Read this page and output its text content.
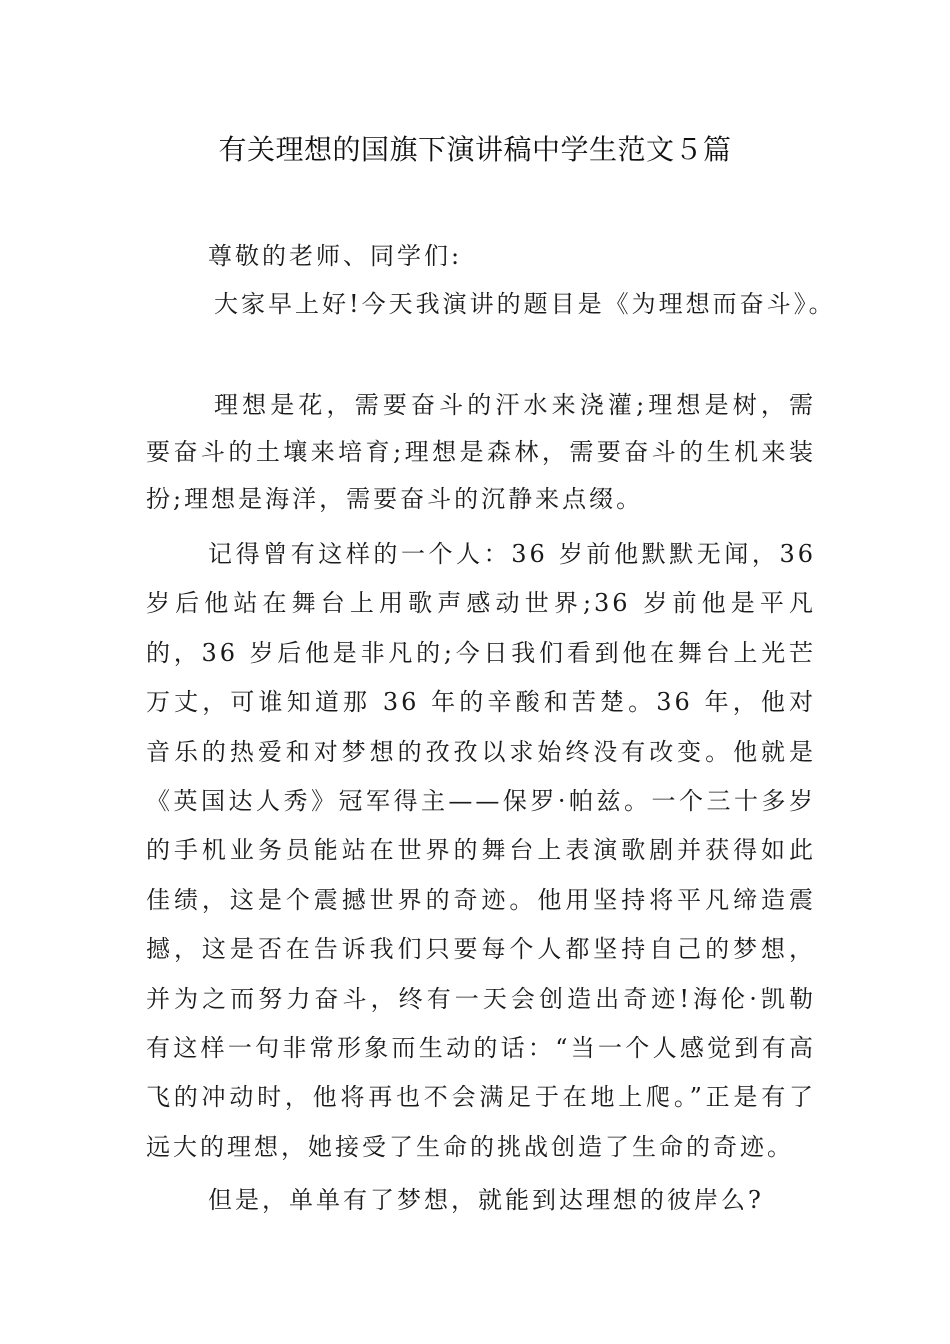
有关理想的国旗下演讲稿中学生范文５篇

尊敬的老师、同学们:

大家早上好!今天我演讲的题目是《为理想而奋斗》。

理想是花，需要奋斗的汗水来浇灌;理想是树，需要奋斗的土壤来培育;理想是森林，需要奋斗的生机来装扮;理想是海洋，需要奋斗的沉静来点缀。

记得曾有这样的一个人：36 岁前他默默无闻，36 岁后他站在舞台上用歌声感动世界;36 岁前他是平凡的，36 岁后他是非凡的;今日我们看到他在舞台上光芒万丈，可谁知道那 36 年的辛酸和苦楚。36 年，他对音乐的热爱和对梦想的孜孜以求始终没有改变。他就是《英国达人秀》冠军得主——保罗·帕兹。一个三十多岁的手机业务员能站在世界的舞台上表演歌剧并获得如此佳绩，这是个震撼世界的奇迹。他用坚持将平凡缔造震撼，这是否在告诉我们只要每个人都坚持自己的梦想，并为之而努力奋斗，终有一天会创造出奇迹!海伦·凯勒有这样一句非常形象而生动的话：“当一个人感觉到有高飞的冲动时，他将再也不会满足于在地上爬。”正是有了远大的理想，她接受了生命的挑战创造了生命的奇迹。

但是，单单有了梦想，就能到达理想的彼岸么?
